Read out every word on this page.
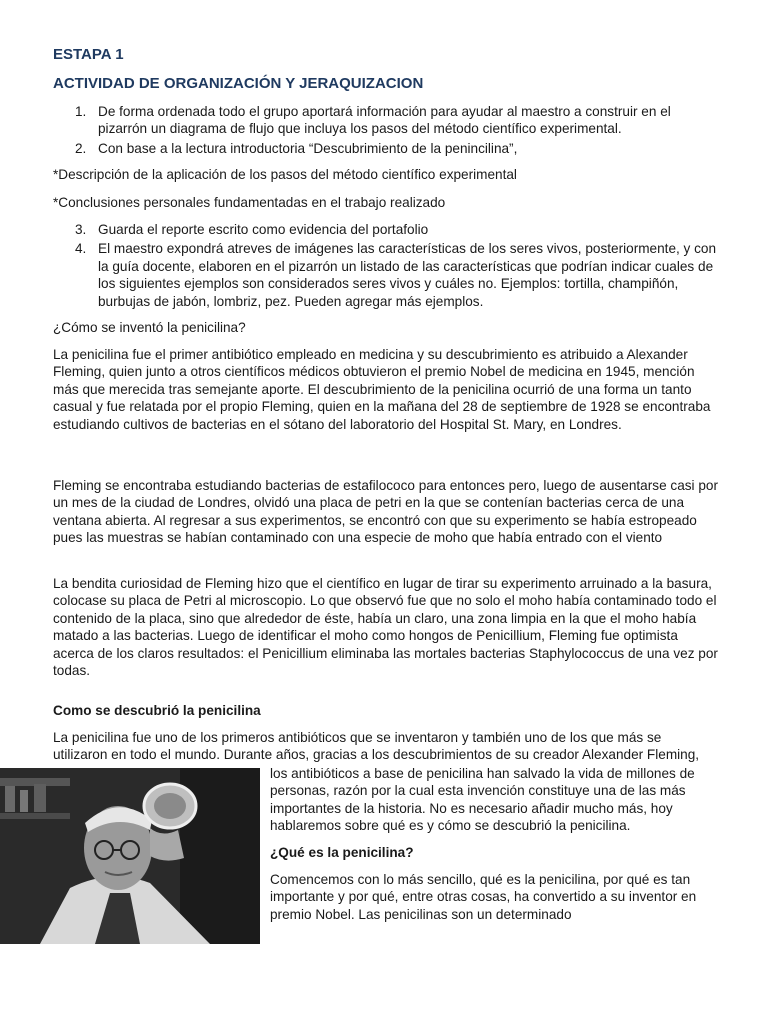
ESTAPA 1
ACTIVIDAD DE ORGANIZACIÓN Y JERAQUIZACION
1. De forma ordenada todo el grupo aportará información para ayudar al maestro a construir en el pizarrón un diagrama de flujo que incluya los pasos del método científico experimental.
2. Con base a la lectura introductoria “Descubrimiento de la penincilina”,

*Descripción de la aplicación de los pasos del método científico experimental

*Conclusiones personales fundamentadas en el trabajo realizado

3. Guarda el reporte escrito como evidencia del portafolio
4. El maestro expondrá atreves de imágenes las características de los seres vivos, posteriormente, y con la guía docente, elaboren en el pizarrón un listado de las características que podrían indicar cuales de los siguientes ejemplos son considerados seres vivos y cuáles no. Ejemplos: tortilla, champiñón, burbujas de jabón, lombriz, pez. Pueden agregar más ejemplos.

¿Cómo se inventó la penicilina?

La penicilina fue el primer antibiótico empleado en medicina y su descubrimiento es atribuido a Alexander Fleming, quien junto a otros científicos médicos obtuvieron el premio Nobel de medicina en 1945, mención más que merecida tras semejante aporte. El descubrimiento de la penicilina ocurrió de una forma un tanto casual y fue relatada por el propio Fleming, quien en la mañana del 28 de septiembre de 1928 se encontraba estudiando cultivos de bacterias en el sótano del laboratorio del Hospital St. Mary, en Londres.

Fleming se encontraba estudiando bacterias de estafilococo para entonces pero, luego de ausentarse casi por un mes de la ciudad de Londres, olvidó una placa de petri en la que se contenían bacterias cerca de una ventana abierta. Al regresar a sus experimentos, se encontró con que su experimento se había estropeado pues las muestras se habían contaminado con una especie de moho que había entrado con el viento

La bendita curiosidad de Fleming hizo que el científico en lugar de tirar su experimento arruinado a la basura, colocase su placa de Petri al microscopio. Lo que observó fue que no solo el moho había contaminado todo el contenido de la placa, sino que alrededor de éste, había un claro, una zona limpia en la que el moho había matado a las bacterias. Luego de identificar el moho como hongos de Penicillium, Fleming fue optimista acerca de los claros resultados: el Penicillium eliminaba las mortales bacterias Staphylococcus de una vez por todas.

Como se descubrió la penicilina

La penicilina fue uno de los primeros antibióticos que se inventaron y también uno de los que más se utilizaron en todo el mundo. Durante años, gracias a los descubrimientos de su creador Alexander Fleming,

los antibióticos a base de penicilina han salvado la vida de millones de personas, razón por la cual esta invención constituye una de las más importantes de la historia. No es necesario añadir mucho más, hoy hablaremos sobre qué es y cómo se descubrió la penicilina.

¿Qué es la penicilina?

Comencemos con lo más sencillo, qué es la penicilina, por qué es tan importante y por qué, entre otras cosas, ha convertido a su inventor en premio Nobel. Las penicilinas son un determinado
